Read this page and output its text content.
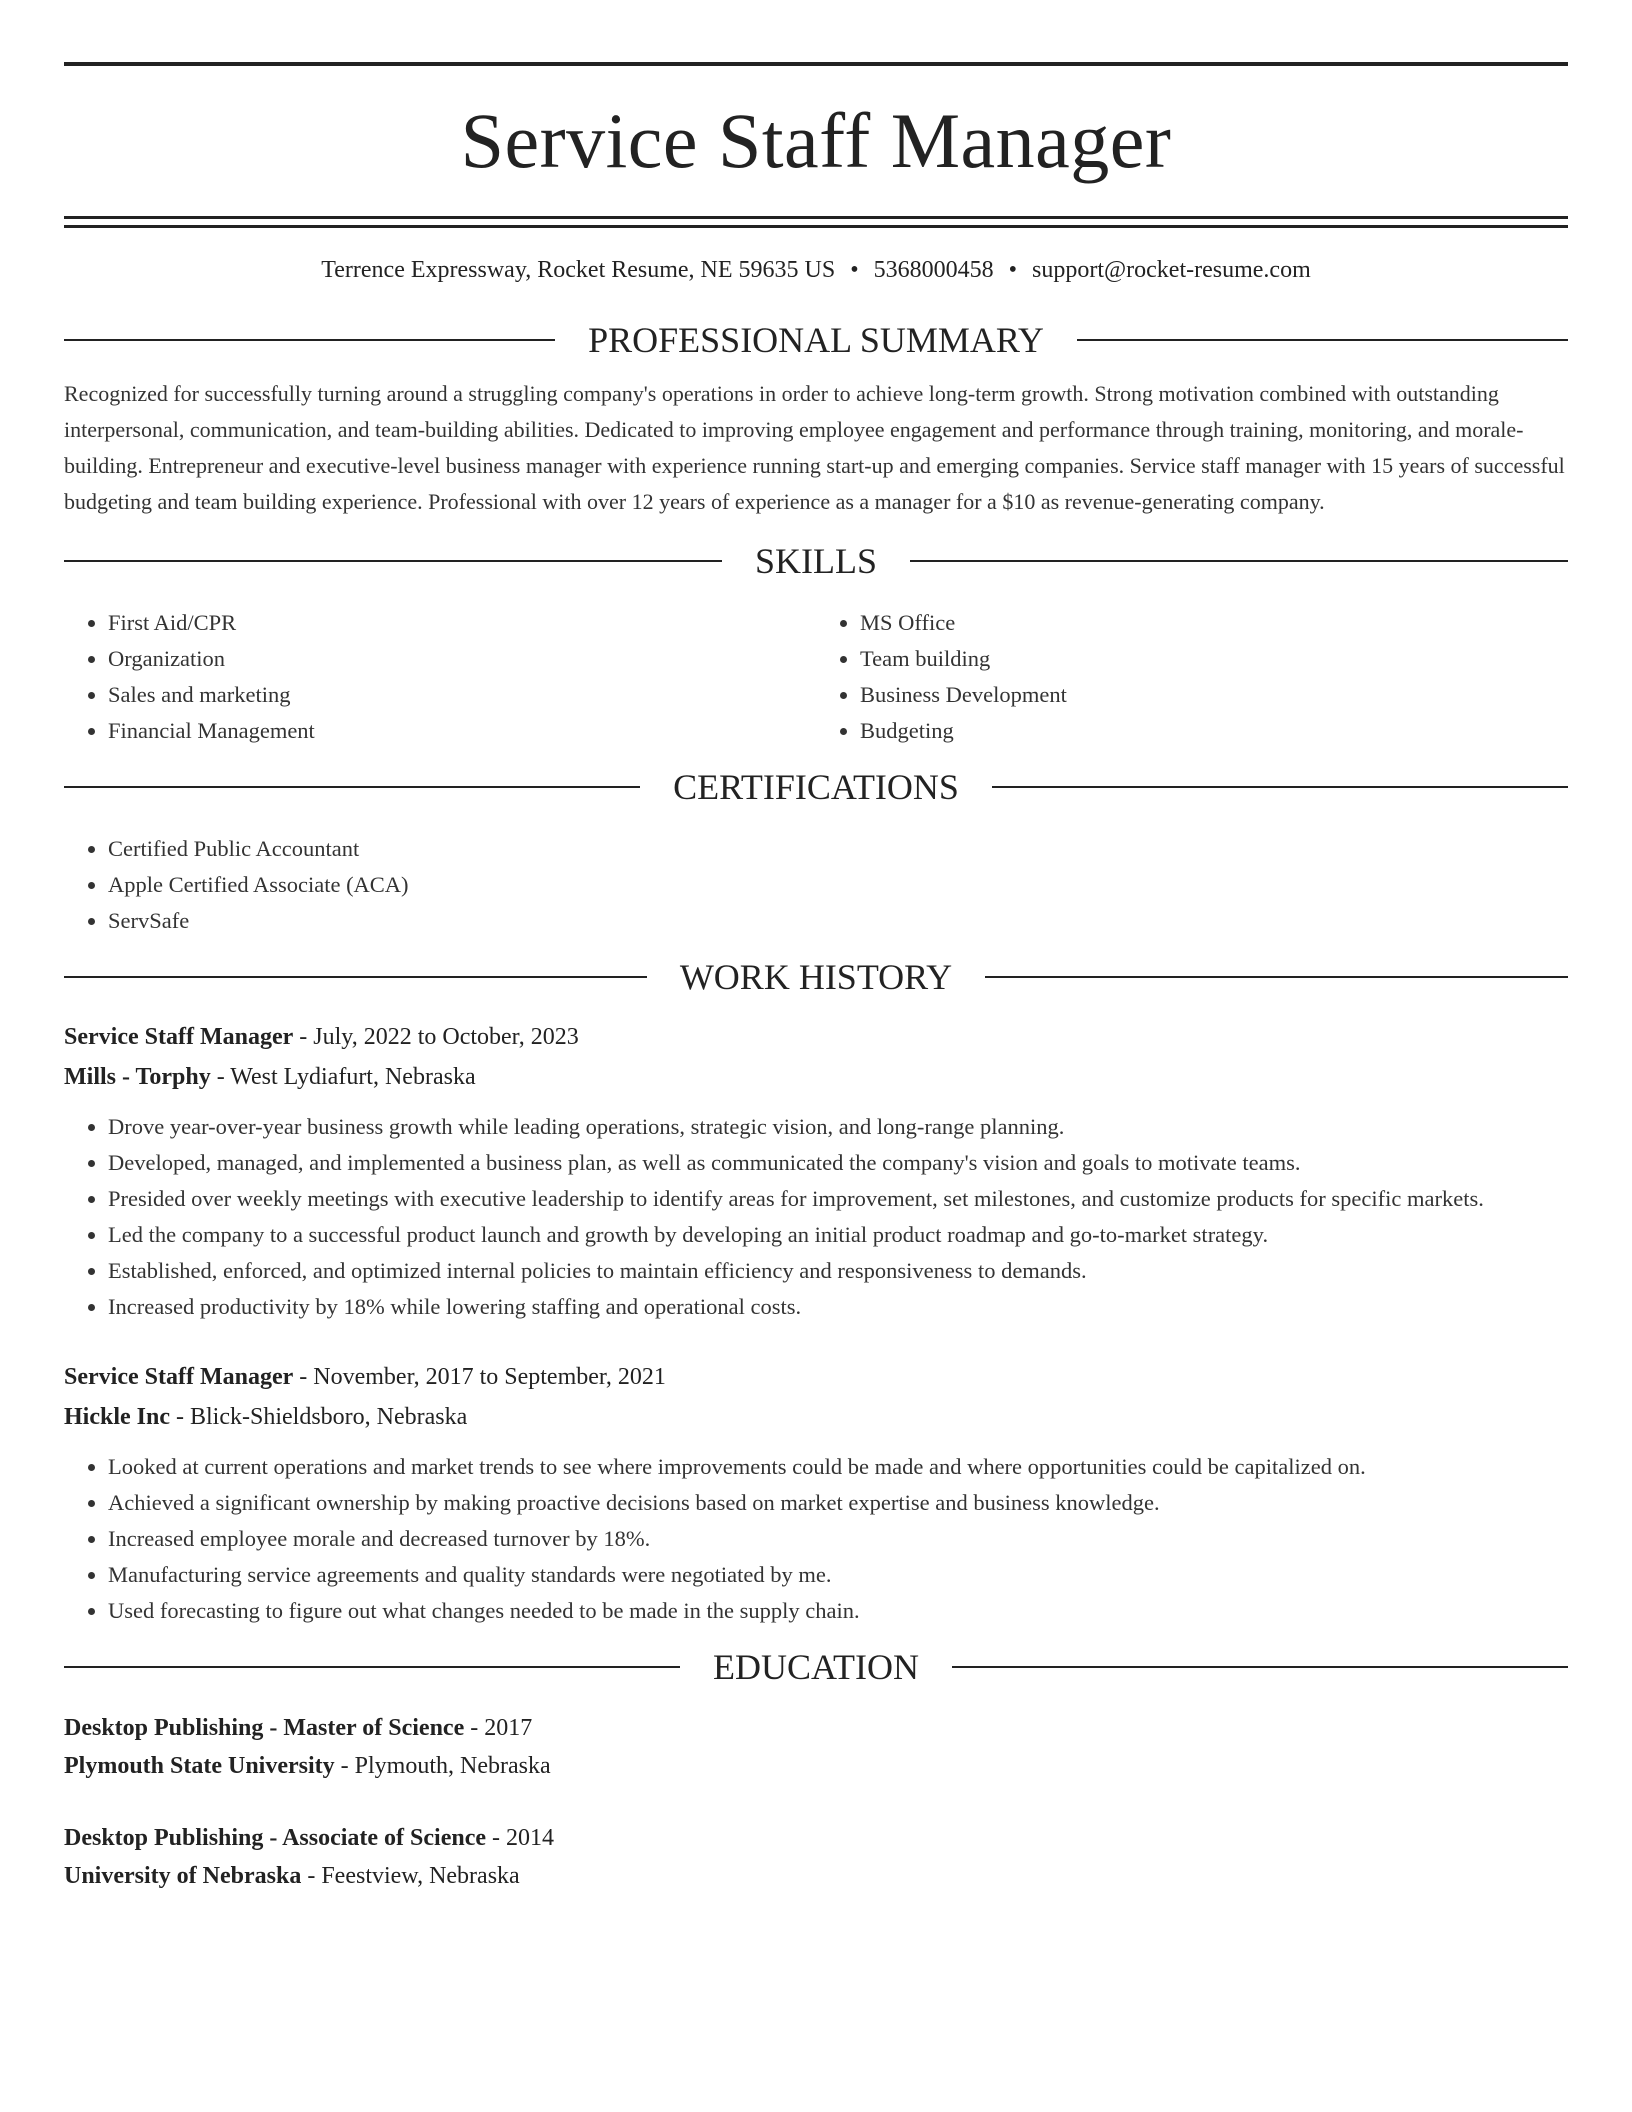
Service Staff Manager
Terrence Expressway, Rocket Resume, NE 59635 US • 5368000458 • support@rocket-resume.com
PROFESSIONAL SUMMARY

Recognized for successfully turning around a struggling company's operations in order to achieve long-term growth. Strong motivation combined with outstanding interpersonal, communication, and team-building abilities. Dedicated to improving employee engagement and performance through training, monitoring, and morale-building. Entrepreneur and executive-level business manager with experience running start-up and emerging companies. Service staff manager with 15 years of successful budgeting and team building experience. Professional with over 12 years of experience as a manager for a $10 as revenue-generating company.

SKILLS
• First Aid/CPR
• Organization
• Sales and marketing
• Financial Management
• MS Office
• Team building
• Business Development
• Budgeting
CERTIFICATIONS
• Certified Public Accountant
• Apple Certified Associate (ACA)
• ServSafe
WORK HISTORY
Service Staff Manager - July, 2022 to October, 2023
Mills - Torphy - West Lydiafurt, Nebraska
• Drove year-over-year business growth while leading operations, strategic vision, and long-range planning.
• Developed, managed, and implemented a business plan, as well as communicated the company's vision and goals to motivate teams.
• Presided over weekly meetings with executive leadership to identify areas for improvement, set milestones, and customize products for specific markets.
• Led the company to a successful product launch and growth by developing an initial product roadmap and go-to-market strategy.
• Established, enforced, and optimized internal policies to maintain efficiency and responsiveness to demands.
• Increased productivity by 18% while lowering staffing and operational costs.
Service Staff Manager - November, 2017 to September, 2021
Hickle Inc - Blick-Shieldsboro, Nebraska
• Looked at current operations and market trends to see where improvements could be made and where opportunities could be capitalized on.
• Achieved a significant ownership by making proactive decisions based on market expertise and business knowledge.
• Increased employee morale and decreased turnover by 18%.
• Manufacturing service agreements and quality standards were negotiated by me.
• Used forecasting to figure out what changes needed to be made in the supply chain.
EDUCATION
Desktop Publishing - Master of Science - 2017
Plymouth State University - Plymouth, Nebraska
Desktop Publishing - Associate of Science - 2014
University of Nebraska - Feestview, Nebraska
